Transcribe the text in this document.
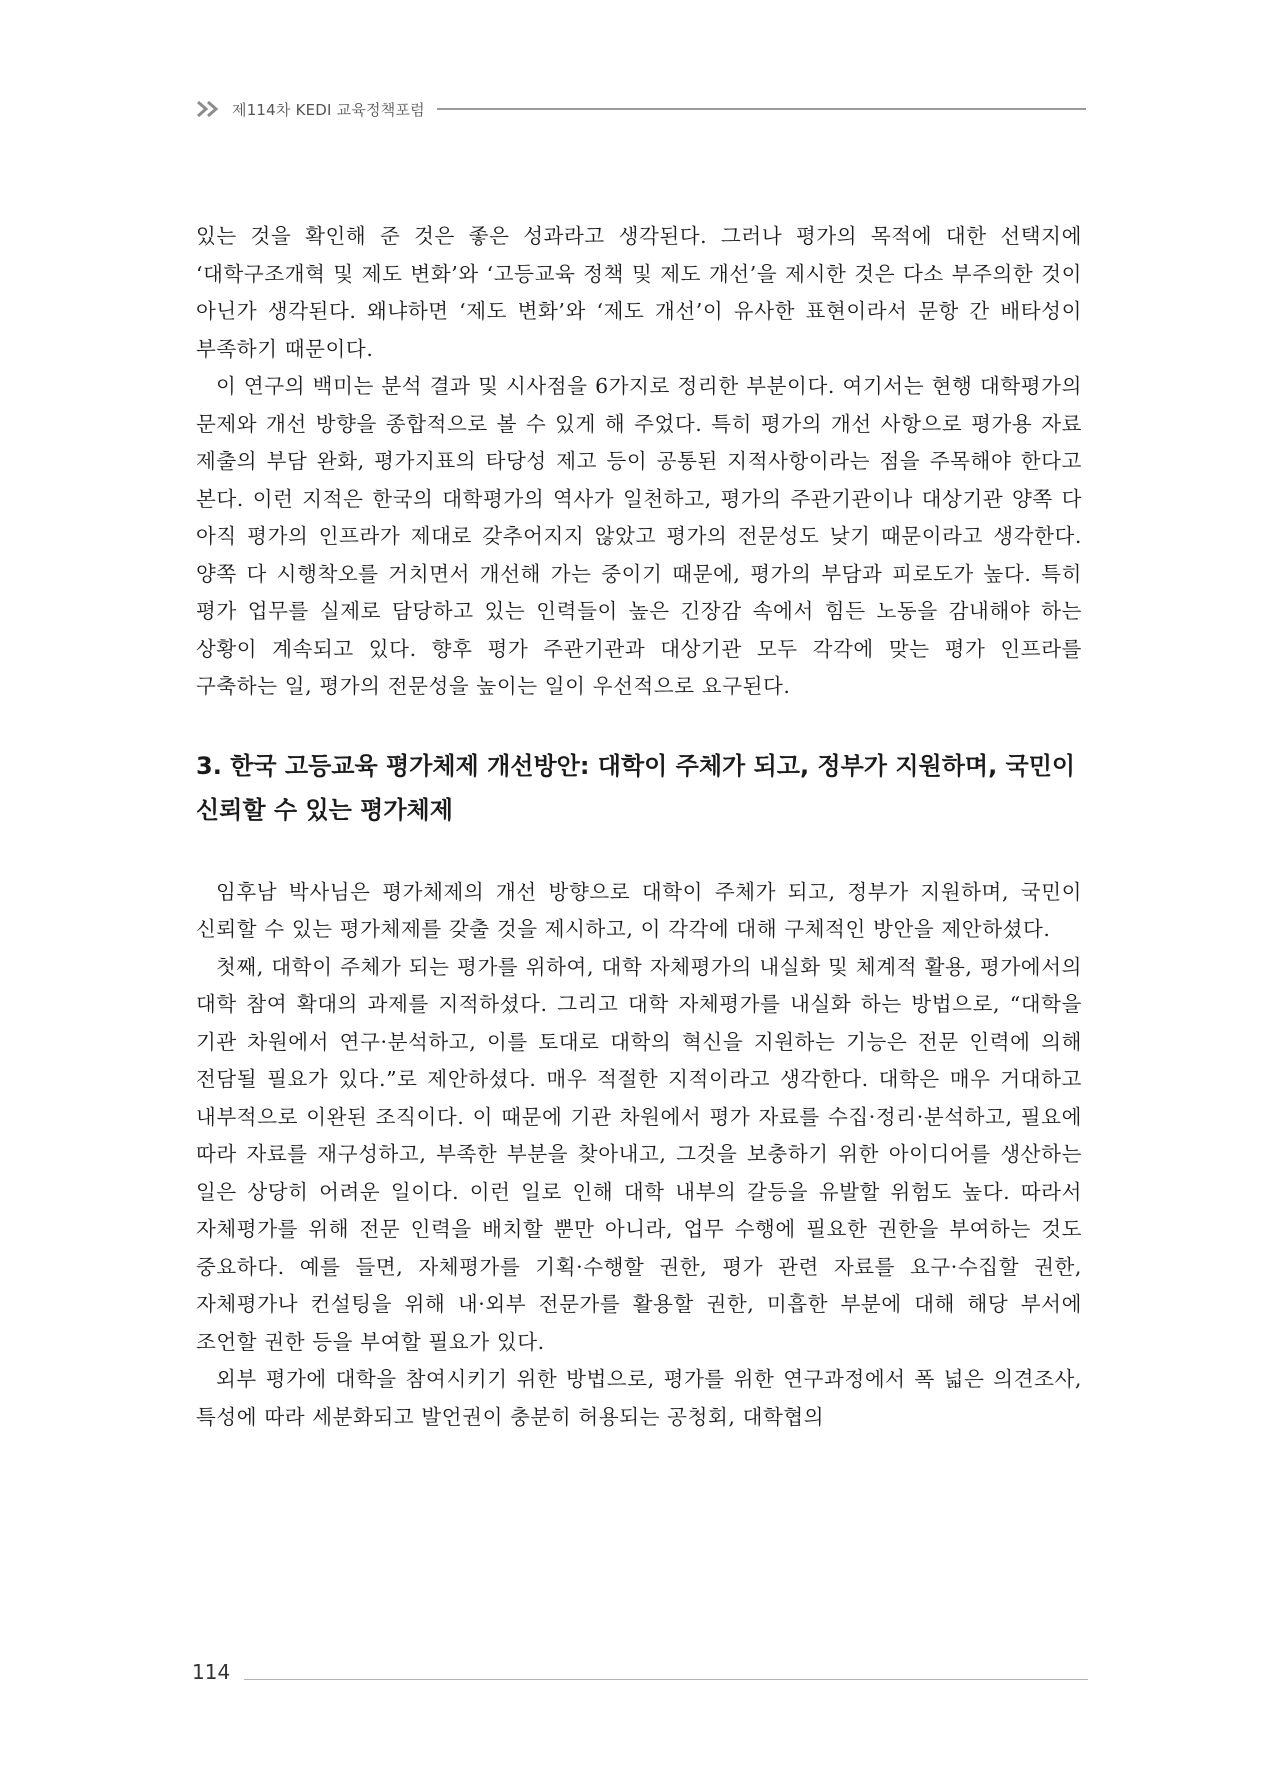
제114차 KEDI 교육정책포럼

있는 것을 확인해 준 것은 좋은 성과라고 생각된다. 그러나 평가의 목적에 대한 선택지에 ‘대학구조개혁 및 제도 변화’와 ‘고등교육 정책 및 제도 개선’을 제시한 것은 다소 부주의한 것이 아닌가 생각된다. 왜냐하면 ‘제도 변화’와 ‘제도 개선’이 유사한 표현이라서 문항 간 배타성이 부족하기 때문이다.

이 연구의 백미는 분석 결과 및 시사점을 6가지로 정리한 부분이다. 여기서는 현행 대학평가의 문제와 개선 방향을 종합적으로 볼 수 있게 해 주었다. 특히 평가의 개선 사항으로 평가용 자료 제출의 부담 완화, 평가지표의 타당성 제고 등이 공통된 지적사항이라는 점을 주목해야 한다고 본다. 이런 지적은 한국의 대학평가의 역사가 일천하고, 평가의 주관기관이나 대상기관 양쪽 다 아직 평가의 인프라가 제대로 갖추어지지 않았고 평가의 전문성도 낮기 때문이라고 생각한다. 양쪽 다 시행착오를 거치면서 개선해 가는 중이기 때문에, 평가의 부담과 피로도가 높다. 특히 평가 업무를 실제로 담당하고 있는 인력들이 높은 긴장감 속에서 힘든 노동을 감내해야 하는 상황이 계속되고 있다. 향후 평가 주관기관과 대상기관 모두 각각에 맞는 평가 인프라를 구축하는 일, 평가의 전문성을 높이는 일이 우선적으로 요구된다.

3. 한국 고등교육 평가체제 개선방안: 대학이 주체가 되고, 정부가 지원하며, 국민이 신뢰할 수 있는 평가체제

임후남 박사님은 평가체제의 개선 방향으로 대학이 주체가 되고, 정부가 지원하며, 국민이 신뢰할 수 있는 평가체제를 갖출 것을 제시하고, 이 각각에 대해 구체적인 방안을 제안하셨다.

첫째, 대학이 주체가 되는 평가를 위하여, 대학 자체평가의 내실화 및 체계적 활용, 평가에서의 대학 참여 확대의 과제를 지적하셨다. 그리고 대학 자체평가를 내실화 하는 방법으로, “대학을 기관 차원에서 연구·분석하고, 이를 토대로 대학의 혁신을 지원하는 기능은 전문 인력에 의해 전담될 필요가 있다.”로 제안하셨다. 매우 적절한 지적이라고 생각한다. 대학은 매우 거대하고 내부적으로 이완된 조직이다. 이 때문에 기관 차원에서 평가 자료를 수집·정리·분석하고, 필요에 따라 자료를 재구성하고, 부족한 부분을 찾아내고, 그것을 보충하기 위한 아이디어를 생산하는 일은 상당히 어려운 일이다. 이런 일로 인해 대학 내부의 갈등을 유발할 위험도 높다. 따라서 자체평가를 위해 전문 인력을 배치할 뿐만 아니라, 업무 수행에 필요한 권한을 부여하는 것도 중요하다. 예를 들면, 자체평가를 기획·수행할 권한, 평가 관련 자료를 요구·수집할 권한, 자체평가나 컨설팅을 위해 내·외부 전문가를 활용할 권한, 미흡한 부분에 대해 해당 부서에 조언할 권한 등을 부여할 필요가 있다.

외부 평가에 대학을 참여시키기 위한 방법으로, 평가를 위한 연구과정에서 폭 넓은 의견조사, 특성에 따라 세분화되고 발언권이 충분히 허용되는 공청회, 대학협의

114
